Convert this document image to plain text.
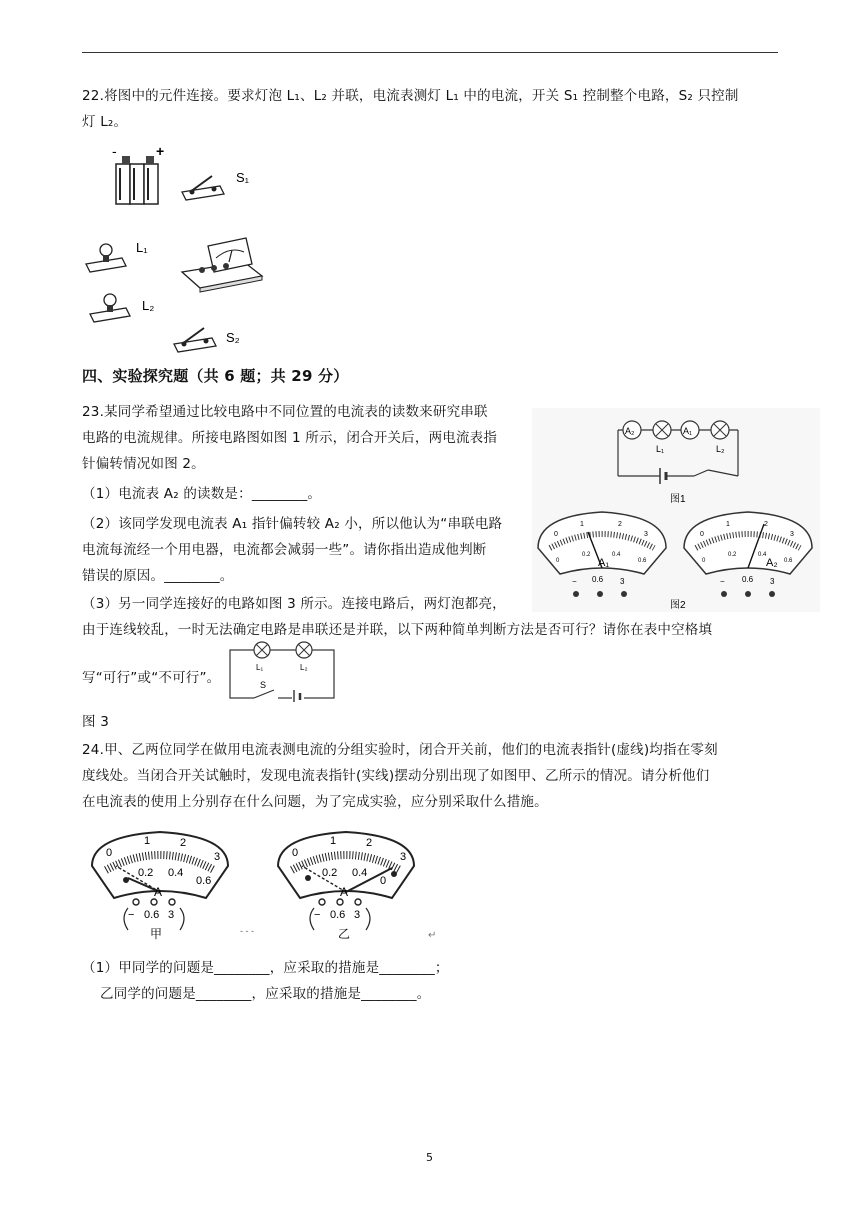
22.将图中的元件连接。要求灯泡 L₁、L₂ 并联，电流表测灯 L₁ 中的电流，开关 S₁ 控制整个电路，S₂ 只控制
灯 L₂。
-	+
S₁
L₁
L₂
S₂
四、实验探究题（共 6 题；共 29 分）
23.某同学希望通过比较电路中不同位置的电流表的读数来研究串联
电路的电流规律。所接电路图如图 1 所示，闭合开关后，两电流表指
针偏转情况如图 2。
（1）电流表 A₂ 的读数是：________。
（2）该同学发现电流表 A₁ 指针偏转较 A₂ 小，所以他认为“串联电路
电流每流经一个用电器，电流都会减弱一些”。请你指出造成他判断
错误的原因。________。
（3）另一同学连接好的电路如图 3 所示。连接电路后，两灯泡都亮，
由于连线较乱，一时无法确定电路是串联还是并联，以下两种简单判断方法是否可行？请你在表中空格填
写“可行”或“不可行”。
A₂	A₁
L₁	L₂
图1
0
1	2
3
0
0.2	0.4
0.6
A₁
− 0.6 3
0
1	2
3
0
0.2	0.4
0.6
A₂
− 0.6 3
图2
L₁	L₂
S
图 3
24.甲、乙两位同学在做用电流表测电流的分组实验时，闭合开关前，他们的电流表指针(虚线)均指在零刻
度线处。当闭合开关试触时，发现电流表指针(实线)摆动分别出现了如图甲、乙所示的情况。请分析他们
在电流表的使用上分别存在什么问题，为了完成实验，应分别采取什么措施。
0
1	2
3
0.2 0.4
0.6
A
− 0.6 3
甲	- - -
0
1	2
3
0.2 0.4
0
A
− 0.6 3
乙	↵
（1）甲同学的问题是________，应采取的措施是________；
乙同学的问题是________，应采取的措施是________。
5
